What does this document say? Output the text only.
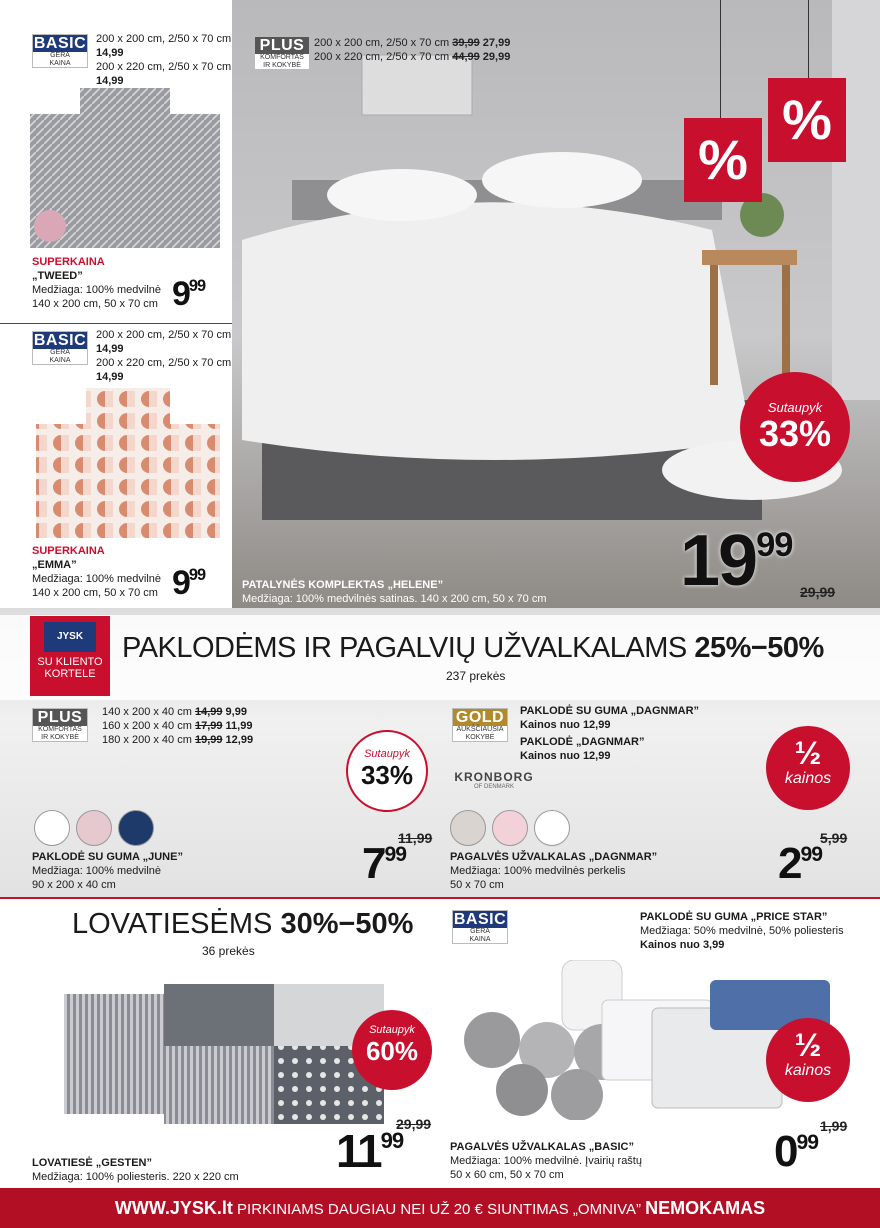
BASIC
GERA
KAINA
200 x 200 cm, 2/50 x 70 cm
14,99
200 x 220 cm, 2/50 x 70 cm
14,99
SUPERKAINA
„TWEED”
Medžiaga: 100% medvilnė
140 x 200 cm, 50 x 70 cm $9^{99}$
BASIC
GERA
KAINA
200 x 200 cm, 2/50 x 70 cm
14,99
200 x 220 cm, 2/50 x 70 cm
14,99
SUPERKAINA
„EMMA”
Medžiaga: 100% medvilnė
140 x 200 cm, 50 x 70 cm $9^{99}$
PLUS
KOMFORTAS
IR KOKYBĖ
200 x 200 cm, 2/50 x 70 cm 39,99 27,99
200 x 220 cm, 2/50 x 70 cm 44,99 29,99
%
%
Sutaupyk
33%
PATALYNĖS KOMPLEKTAS „HELENE”
Medžiaga: 100% medvilnės satinas. 140 x 200 cm, 50 x 70 cm $19^{99}$
29,99
JYSK
SU KLIENTO
KORTELE
PAKLODĖMS IR PAGALVIŲ UŽVALKALAMS 25%−50%
237 prekės
PLUS
KOMFORTAS
IR KOKYBĖ
140 x 200 x 40 cm 14,99 9,99
160 x 200 x 40 cm 17,99 11,99
180 x 200 x 40 cm 19,99 12,99
Sutaupyk
33%
11,99
$7^{99}$
PAKLODĖ SU GUMA „JUNE”
Medžiaga: 100% medvilnė
90 x 200 x 40 cm
GOLD
AUKŠČIAUSIA
KOKYBĖ
PAKLODĖ SU GUMA „DAGNMAR”
Kainos nuo 12,99
PAKLODĖ „DAGNMAR”
Kainos nuo 12,99
KRONBORG
OF DENMARK
½
kainos
5,99
$2^{99}$
PAGALVĖS UŽVALKALAS „DAGNMAR”
Medžiaga: 100% medvilnės perkelis
50 x 70 cm
LOVATIESĖMS 30%−50%
36 prekės
Sutaupyk
60%
29,99
$11^{99}$
LOVATIESĖ „GESTEN”
Medžiaga: 100% poliesteris. 220 x 220 cm
BASIC
GERA
KAINA
PAKLODĖ SU GUMA „PRICE STAR”
Medžiaga: 50% medvilnė, 50% poliesteris
Kainos nuo 3,99
½
kainos
1,99
$0^{99}$
PAGALVĖS UŽVALKALAS „BASIC”
Medžiaga: 100% medvilnė. Įvairių raštų
50 x 60 cm, 50 x 70 cm
WWW.JYSK.lt PIRKINIAMS DAUGIAU NEI UŽ 20 € SIUNTIMAS „OMNIVA” NEMOKAMAS
